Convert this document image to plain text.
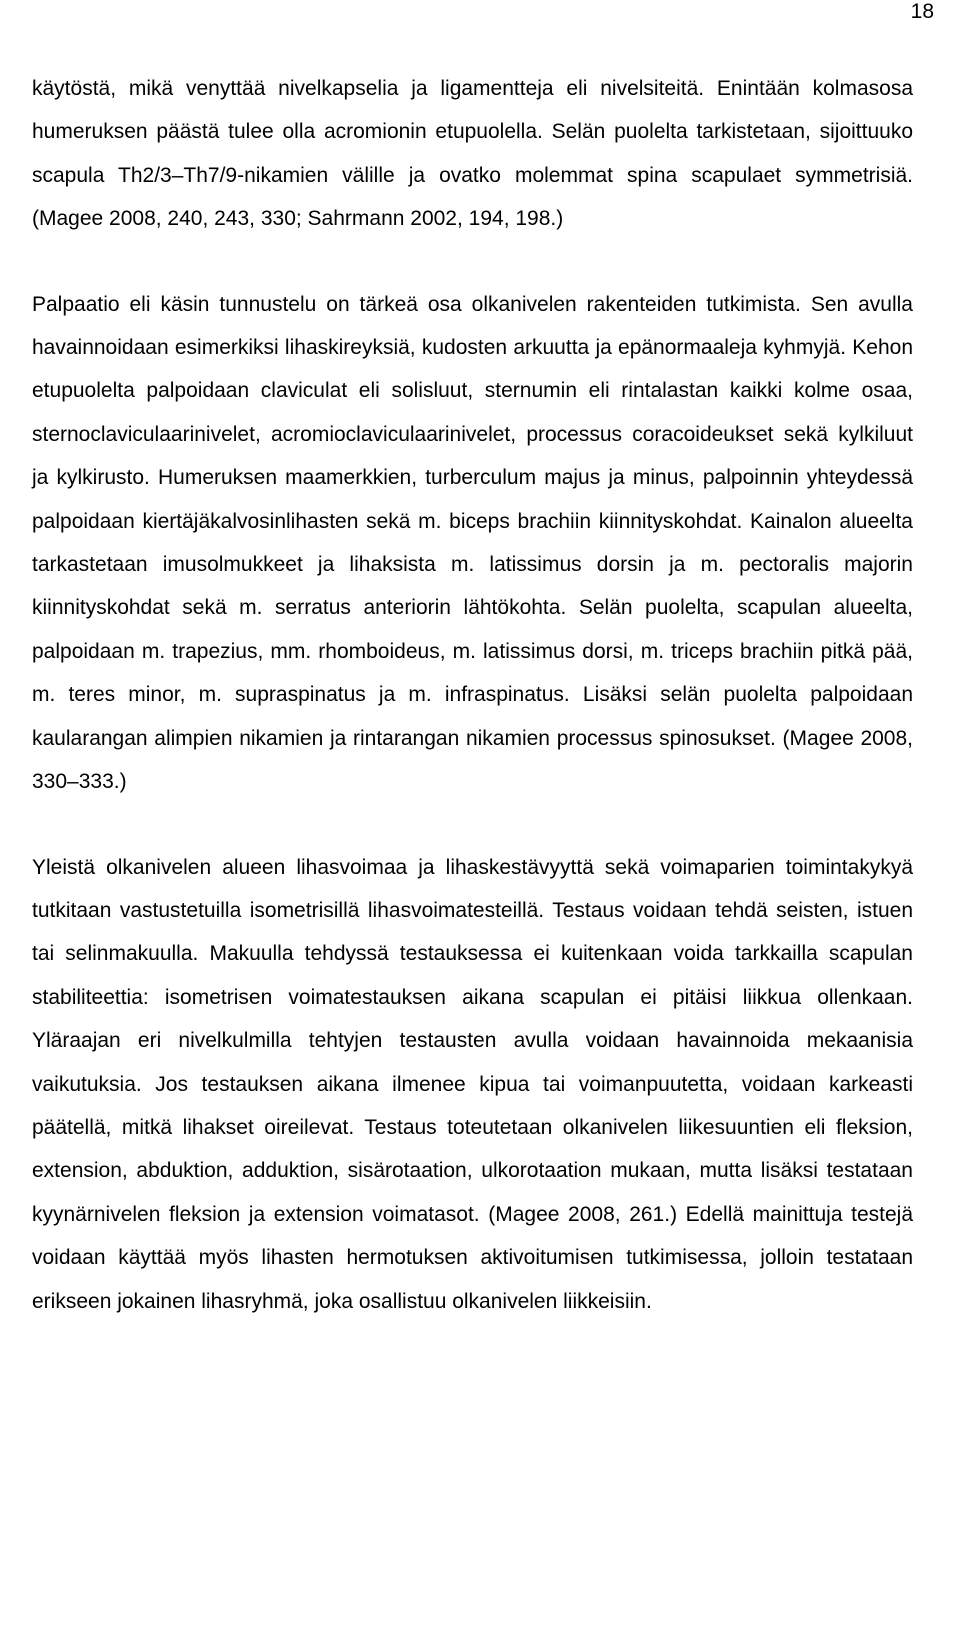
18

käytöstä, mikä venyttää nivelkapselia ja ligamentteja eli nivelsiteitä. Enintään kolmasosa humeruksen päästä tulee olla acromionin etupuolella. Selän puolelta tarkistetaan, sijoittuuko scapula Th2/3–Th7/9-nikamien välille ja ovatko molemmat spina scapulaet symmetrisiä. (Magee 2008, 240, 243, 330; Sahrmann 2002, 194, 198.)

Palpaatio eli käsin tunnustelu on tärkeä osa olkanivelen rakenteiden tutkimista. Sen avulla havainnoidaan esimerkiksi lihaskireyksiä, kudosten arkuutta ja epänormaaleja kyhmyjä. Kehon etupuolelta palpoidaan claviculat eli solisluut, sternumin eli rintalastan kaikki kolme osaa, sternoclaviculaarinivelet, acromioclaviculaarinivelet, processus coracoideukset sekä kylkiluut ja kylkirusto. Humeruksen maamerkkien, turberculum majus ja minus, palpoinnin yhteydessä palpoidaan kiertäjäkalvosinlihasten sekä m. biceps brachiin kiinnityskohdat. Kainalon alueelta tarkastetaan imusolmukkeet ja lihaksista m. latissimus dorsin ja m. pectoralis majorin kiinnityskohdat sekä m. serratus anteriorin lähtökohta. Selän puolelta, scapulan alueelta, palpoidaan m. trapezius, mm. rhomboideus, m. latissimus dorsi, m. triceps brachiin pitkä pää, m. teres minor, m. supraspinatus ja m. infraspinatus. Lisäksi selän puolelta palpoidaan kaularangan alimpien nikamien ja rintarangan nikamien processus spinosukset. (Magee 2008, 330–333.)

Yleistä olkanivelen alueen lihasvoimaa ja lihaskestävyyttä sekä voimaparien toimintakykyä tutkitaan vastustetuilla isometrisillä lihasvoimatesteillä. Testaus voidaan tehdä seisten, istuen tai selinmakuulla. Makuulla tehdyssä testauksessa ei kuitenkaan voida tarkkailla scapulan stabiliteettia: isometrisen voimatestauksen aikana scapulan ei pitäisi liikkua ollenkaan. Yläraajan eri nivelkulmilla tehtyjen testausten avulla voidaan havainnoida mekaanisia vaikutuksia. Jos testauksen aikana ilmenee kipua tai voimanpuutetta, voidaan karkeasti päätellä, mitkä lihakset oireilevat. Testaus toteutetaan olkanivelen liikesuuntien eli fleksion, extension, abduktion, adduktion, sisärotaation, ulkorotaation mukaan, mutta lisäksi testataan kyynärnivelen fleksion ja extension voimatasot. (Magee 2008, 261.) Edellä mainittuja testejä voidaan käyttää myös lihasten hermotuksen aktivoitumisen tutkimisessa, jolloin testataan erikseen jokainen lihasryhmä, joka osallistuu olkanivelen liikkeisiin.
